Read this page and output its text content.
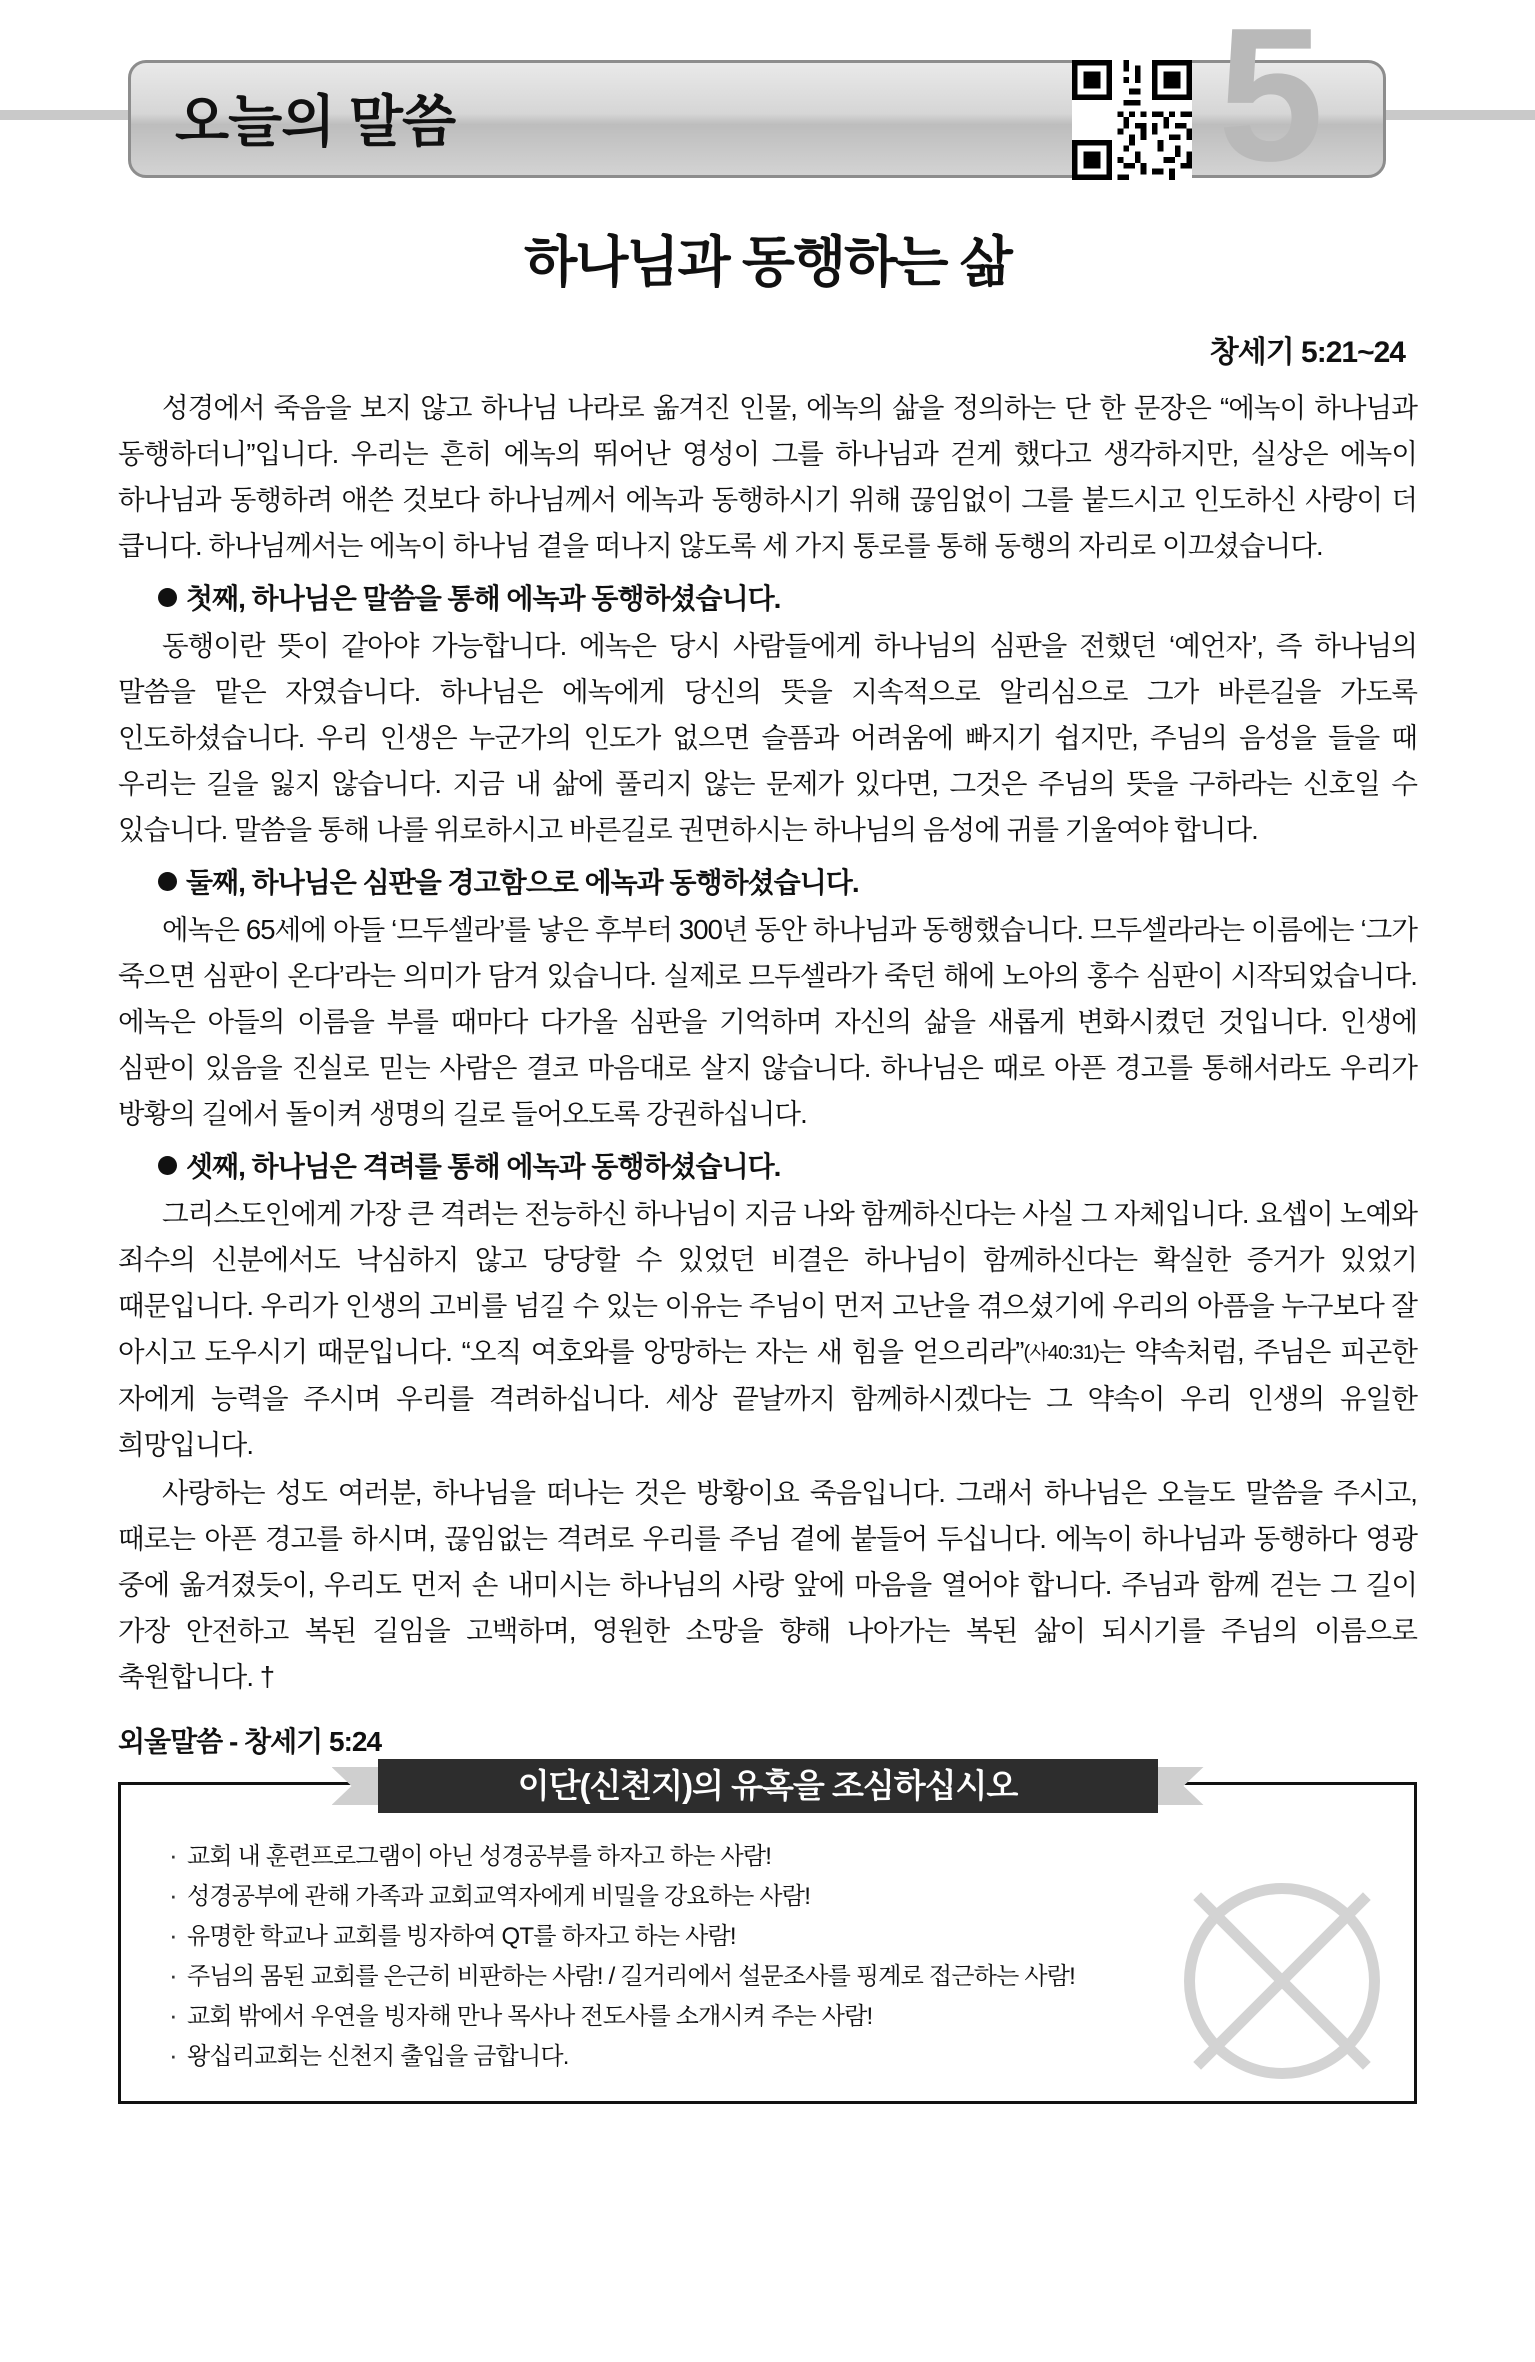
오늘의 말씀	5
하나님과 동행하는 삶
창세기 5:21~24

성경에서 죽음을 보지 않고 하나님 나라로 옮겨진 인물, 에녹의 삶을 정의하는 단 한 문장은 “에녹이 하나님과 동행하더니”입니다. 우리는 흔히 에녹의 뛰어난 영성이 그를 하나님과 걷게 했다고 생각하지만, 실상은 에녹이 하나님과 동행하려 애쓴 것보다 하나님께서 에녹과 동행하시기 위해 끊임없이 그를 붙드시고 인도하신 사랑이 더 큽니다. 하나님께서는 에녹이 하나님 곁을 떠나지 않도록 세 가지 통로를 통해 동행의 자리로 이끄셨습니다.

첫째, 하나님은 말씀을 통해 에녹과 동행하셨습니다.

동행이란 뜻이 같아야 가능합니다. 에녹은 당시 사람들에게 하나님의 심판을 전했던 ‘예언자’, 즉 하나님의 말씀을 맡은 자였습니다. 하나님은 에녹에게 당신의 뜻을 지속적으로 알리심으로 그가 바른길을 가도록 인도하셨습니다. 우리 인생은 누군가의 인도가 없으면 슬픔과 어려움에 빠지기 쉽지만, 주님의 음성을 들을 때 우리는 길을 잃지 않습니다. 지금 내 삶에 풀리지 않는 문제가 있다면, 그것은 주님의 뜻을 구하라는 신호일 수 있습니다. 말씀을 통해 나를 위로하시고 바른길로 권면하시는 하나님의 음성에 귀를 기울여야 합니다.

둘째, 하나님은 심판을 경고함으로 에녹과 동행하셨습니다.

에녹은 65세에 아들 ‘므두셀라’를 낳은 후부터 300년 동안 하나님과 동행했습니다. 므두셀라라는 이름에는 ‘그가 죽으면 심판이 온다’라는 의미가 담겨 있습니다. 실제로 므두셀라가 죽던 해에 노아의 홍수 심판이 시작되었습니다. 에녹은 아들의 이름을 부를 때마다 다가올 심판을 기억하며 자신의 삶을 새롭게 변화시켰던 것입니다. 인생에 심판이 있음을 진실로 믿는 사람은 결코 마음대로 살지 않습니다. 하나님은 때로 아픈 경고를 통해서라도 우리가 방황의 길에서 돌이켜 생명의 길로 들어오도록 강권하십니다.

셋째, 하나님은 격려를 통해 에녹과 동행하셨습니다.

그리스도인에게 가장 큰 격려는 전능하신 하나님이 지금 나와 함께하신다는 사실 그 자체입니다. 요셉이 노예와 죄수의 신분에서도 낙심하지 않고 당당할 수 있었던 비결은 하나님이 함께하신다는 확실한 증거가 있었기 때문입니다. 우리가 인생의 고비를 넘길 수 있는 이유는 주님이 먼저 고난을 겪으셨기에 우리의 아픔을 누구보다 잘 아시고 도우시기 때문입니다. “오직 여호와를 앙망하는 자는 새 힘을 얻으리라”(사40:31)는 약속처럼, 주님은 피곤한 자에게 능력을 주시며 우리를 격려하십니다. 세상 끝날까지 함께하시겠다는 그 약속이 우리 인생의 유일한 희망입니다.

사랑하는 성도 여러분, 하나님을 떠나는 것은 방황이요 죽음입니다. 그래서 하나님은 오늘도 말씀을 주시고, 때로는 아픈 경고를 하시며, 끊임없는 격려로 우리를 주님 곁에 붙들어 두십니다. 에녹이 하나님과 동행하다 영광 중에 옮겨졌듯이, 우리도 먼저 손 내미시는 하나님의 사랑 앞에 마음을 열어야 합니다. 주님과 함께 걷는 그 길이 가장 안전하고 복된 길임을 고백하며, 영원한 소망을 향해 나아가는 복된 삶이 되시기를 주님의 이름으로 축원합니다. †

외울말씀 - 창세기 5:24

이단(신천지)의 유혹을 조심하십시오
· 교회 내 훈련프로그램이 아닌 성경공부를 하자고 하는 사람!
· 성경공부에 관해 가족과 교회교역자에게 비밀을 강요하는 사람!
· 유명한 학교나 교회를 빙자하여 QT를 하자고 하는 사람!
· 주님의 몸된 교회를 은근히 비판하는 사람! / 길거리에서 설문조사를 핑계로 접근하는 사람!
· 교회 밖에서 우연을 빙자해 만나 목사나 전도사를 소개시켜 주는 사람!
· 왕십리교회는 신천지 출입을 금합니다.
